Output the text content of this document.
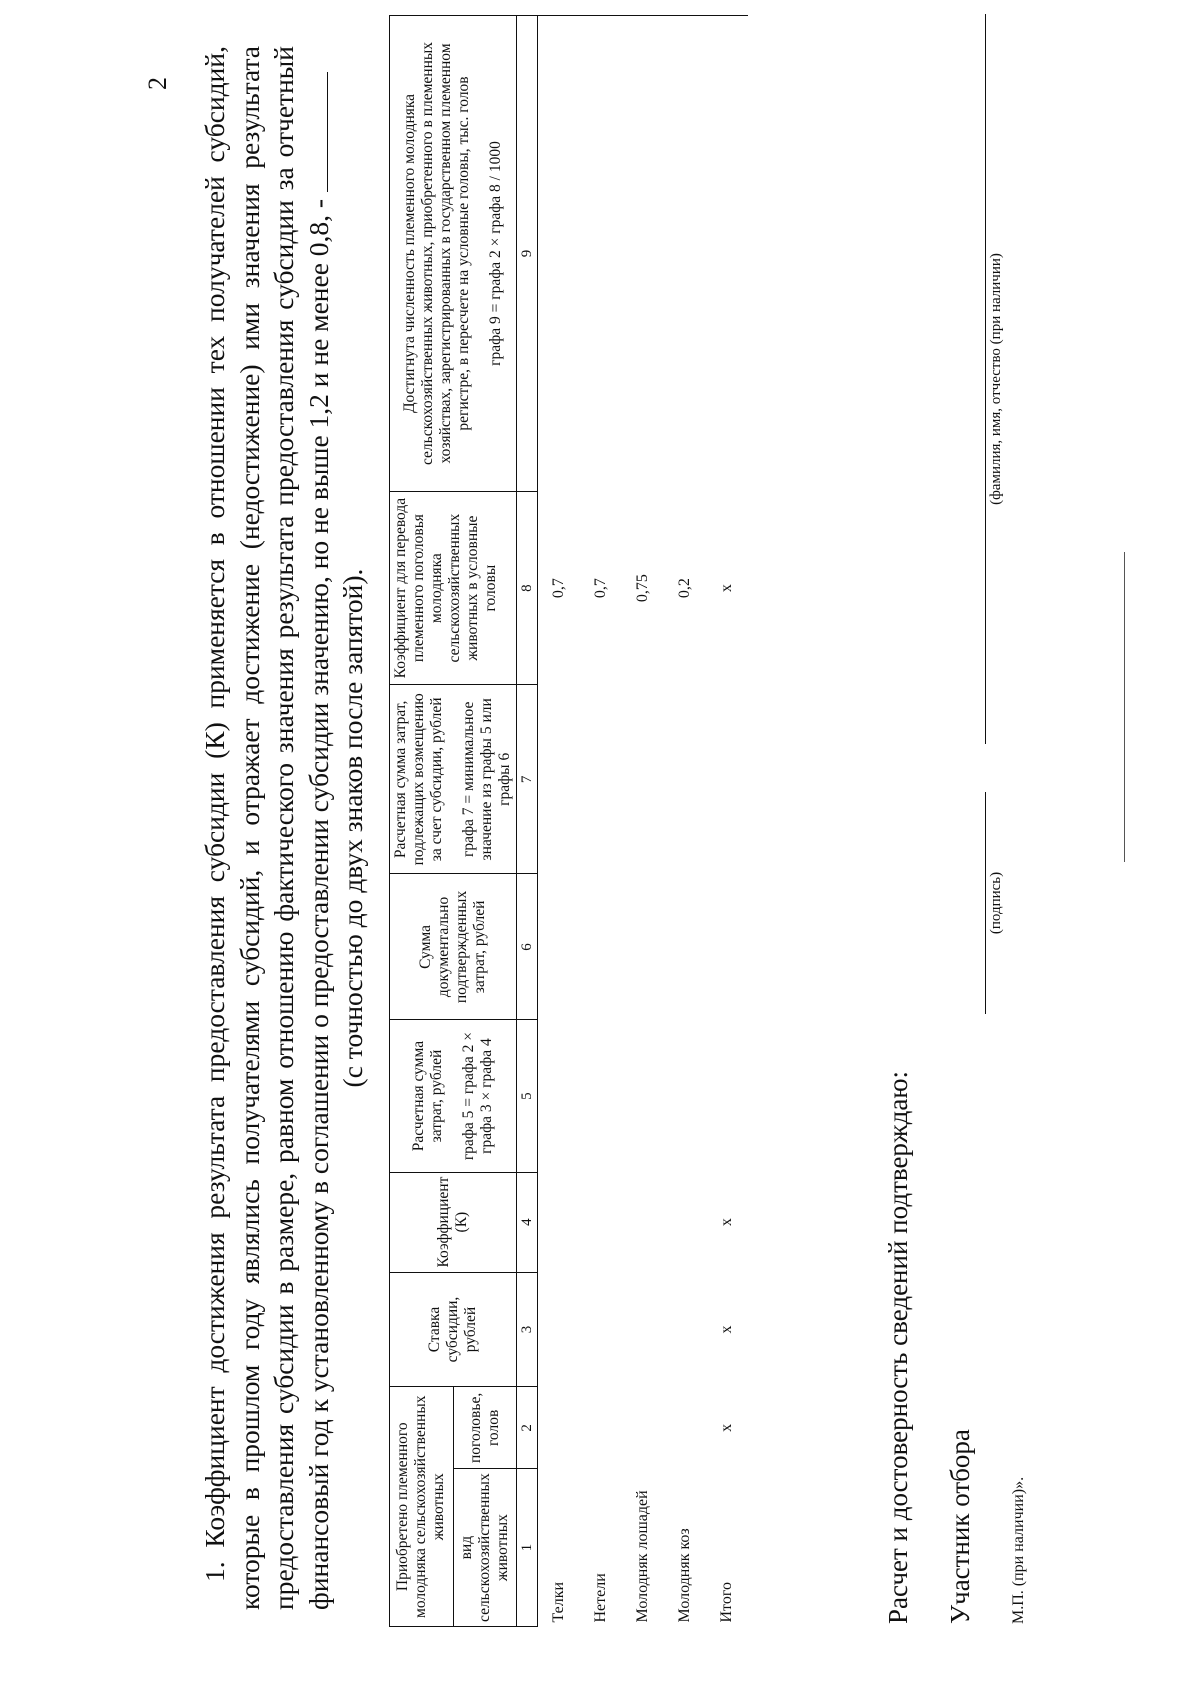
2 1. Коэффициент достижения результата предоставления субсидии (К) применяется в отношении тех получателей субсидий, которые в прошлом году являлись получателями субсидий, и отражает достижение (недостижение) ими значения результата предоставления субсидии в размере, равном отношению фактического значения результата предоставления субсидии за отчетный финансовый год к установленному в соглашении о предоставлении субсидии значению, но не выше 1,2 и не менее 0,8, - (с точностью до двух знаков после запятой).

Приобретено племенного молодняка сельскохозяйственных животных		Ставка субсидии, рублей	Коэффициент (К)	Расчетная сумма затрат, рублей графа 5 = графа 2 × графа 3 × графа 4	Сумма документально подтвержденных затрат, рублей	Расчетная сумма затрат, подлежащих возмещению за счет субсидии, рублей графа 7 = минимальное значение из графы 5 или графы 6	Коэффициент для перевода племенного поголовья молодняка сельскохозяйственных животных в условные головы	Достигнута численность племенного молодняка сельскохозяйственных животных, приобретенного в племенных хозяйствах, зарегистрированных в государственном племенном регистре, в пересчете на условные головы, тыс. голов графа 9 = графа 2 × графа 8 / 1000

вид сельскохозяйственных животных	поголовье, голов							
1	2	3	4	5	6	7	8	9
Телки							0,7	
Нетели							0,7	
Молодняк лошадей							0,75	
Молодняк коз							0,2	
Итого	x	x	x				x	
Расчет и достоверность сведений подтверждаю: Участник отбора М.П. (при наличии)».
(подпись)
(фамилия, имя, отчество (при наличии)
